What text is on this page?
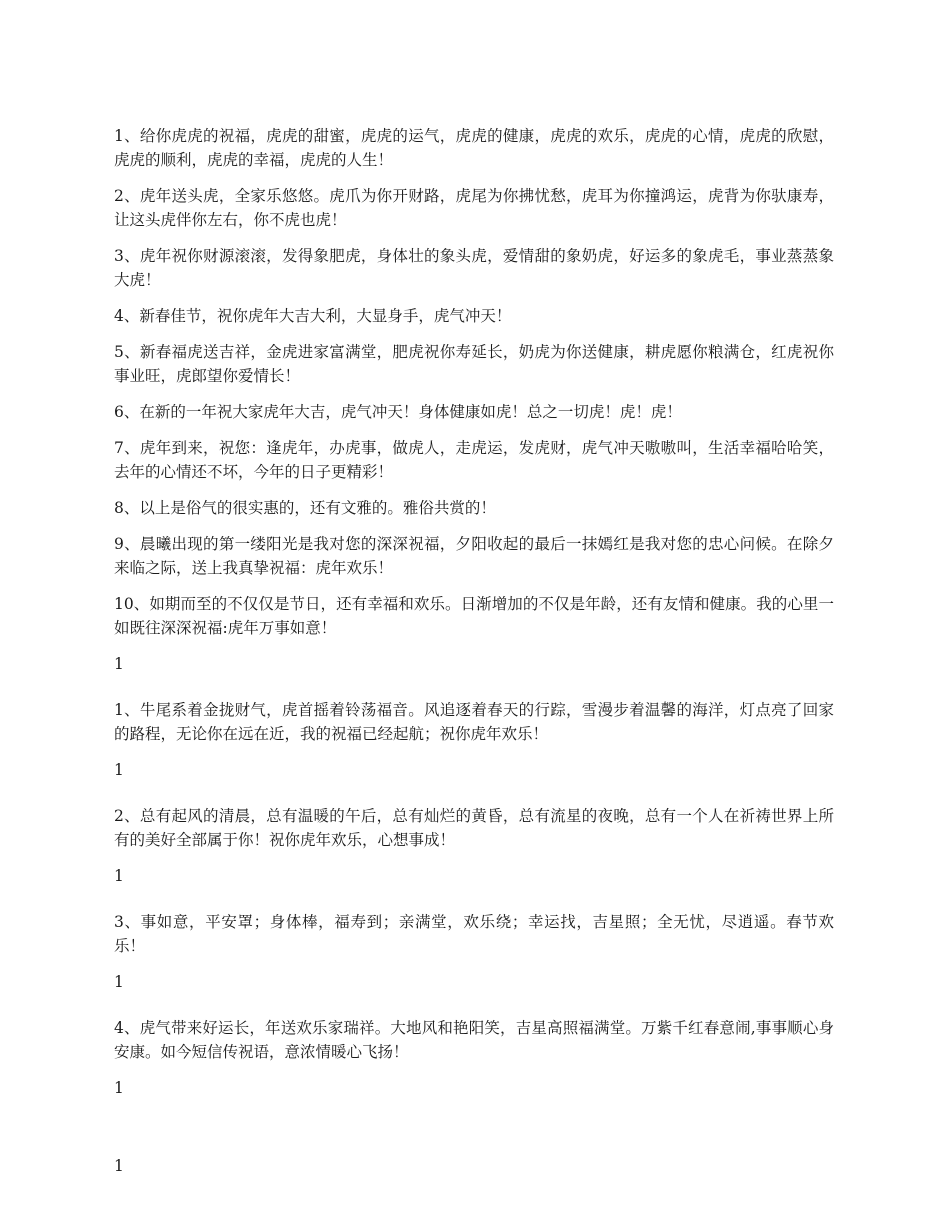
1、给你虎虎的祝福，虎虎的甜蜜，虎虎的运气，虎虎的健康，虎虎的欢乐，虎虎的心情，虎虎的欣慰，虎虎的顺利，虎虎的幸福，虎虎的人生！

2、虎年送头虎，全家乐悠悠。虎爪为你开财路，虎尾为你拂忧愁，虎耳为你撞鸿运，虎背为你驮康寿，让这头虎伴你左右，你不虎也虎！

3、虎年祝你财源滚滚，发得象肥虎，身体壮的象头虎，爱情甜的象奶虎，好运多的象虎毛，事业蒸蒸象大虎！

4、新春佳节，祝你虎年大吉大利，大显身手，虎气冲天！

5、新春福虎送吉祥，金虎进家富满堂，肥虎祝你寿延长，奶虎为你送健康，耕虎愿你粮满仓，红虎祝你事业旺，虎郎望你爱情长！

6、在新的一年祝大家虎年大吉，虎气冲天！身体健康如虎！总之一切虎！虎！虎！

7、虎年到来，祝您：逢虎年，办虎事，做虎人，走虎运，发虎财，虎气冲天嗷嗷叫，生活幸福哈哈笑，去年的心情还不坏，今年的日子更精彩！

8、以上是俗气的很实惠的，还有文雅的。雅俗共赏的！

9、晨曦出现的第一缕阳光是我对您的深深祝福，夕阳收起的最后一抹嫣红是我对您的忠心问候。在除夕来临之际，送上我真挚祝福：虎年欢乐！

10、如期而至的不仅仅是节日，还有幸福和欢乐。日渐增加的不仅是年龄，还有友情和健康。我的心里一如既往深深祝福:虎年万事如意！

1

1、牛尾系着金拢财气，虎首摇着铃荡福音。风追逐着春天的行踪，雪漫步着温馨的海洋，灯点亮了回家的路程，无论你在远在近，我的祝福已经起航；祝你虎年欢乐！

1

2、总有起风的清晨，总有温暖的午后，总有灿烂的黄昏，总有流星的夜晚，总有一个人在祈祷世界上所有的美好全部属于你！祝你虎年欢乐，心想事成！

1

3、事如意，平安罩；身体棒，福寿到；亲满堂，欢乐绕；幸运找，吉星照；全无忧，尽逍遥。春节欢乐！

1

4、虎气带来好运长，年送欢乐家瑞祥。大地风和艳阳笑，吉星高照福满堂。万紫千红春意闹,事事顺心身安康。如今短信传祝语，意浓情暖心飞扬！

1

1
